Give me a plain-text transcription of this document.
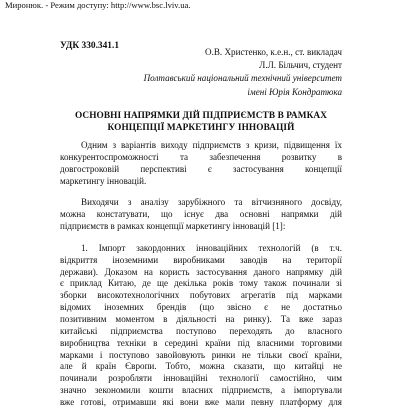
Миронюк. - Режим доступу: http://www.bsc.lviv.ua.
УДК 330.341.1
О.В. Христенко, к.е.н., ст. викладач
Л.Л. Більчич, студент
Полтавський національний технічний університет
імені Юрія Кондратюка
ОСНОВНІ НАПРЯМКИ ДІЙ ПІДПРИЄМСТВ В РАМКАХ
КОНЦЕПЦІЇ МАРКЕТИНГУ ІННОВАЦІЙ
Одним з варіантів виходу підприємств з кризи, підвищення їх
конкурентоспроможності та забезпечення розвитку в
довгостроковій перспективі є застосування концепції
маркетингу інновацій.
Виходячи з аналізу зарубіжного та вітчизняного досвіду,
можна констатувати, що існує два основні напрямки дій
підприємств в рамках концепції маркетингу інновацій [1]:
1. Імпорт закордонних інноваційних технологій (в т.ч.
відкриття іноземними виробниками заводів на території
держави). Доказом на користь застосування даного напрямку дій
є приклад Китаю, де ще декілька років тому також починали зі
зборки високотехнологічних побутових агрегатів під марками
відомих іноземних брендів (що звісно є не достатньо
позитивним моментом в діяльності на ринку). Та вже зараз
китайські підприємства поступово переходять до власного
виробництва техніки в середині країни під власними торговими
марками і поступово завойовують ринки не тільки своєї країни,
але й країн Європи. Тобто, можна сказати, що китайці не
починали розробляти інноваційні технології самостійно, чим
значно зекономили кошти власних підприємств, а імпортували
вже готові, отримавши які вони вже мали певну платформу для
